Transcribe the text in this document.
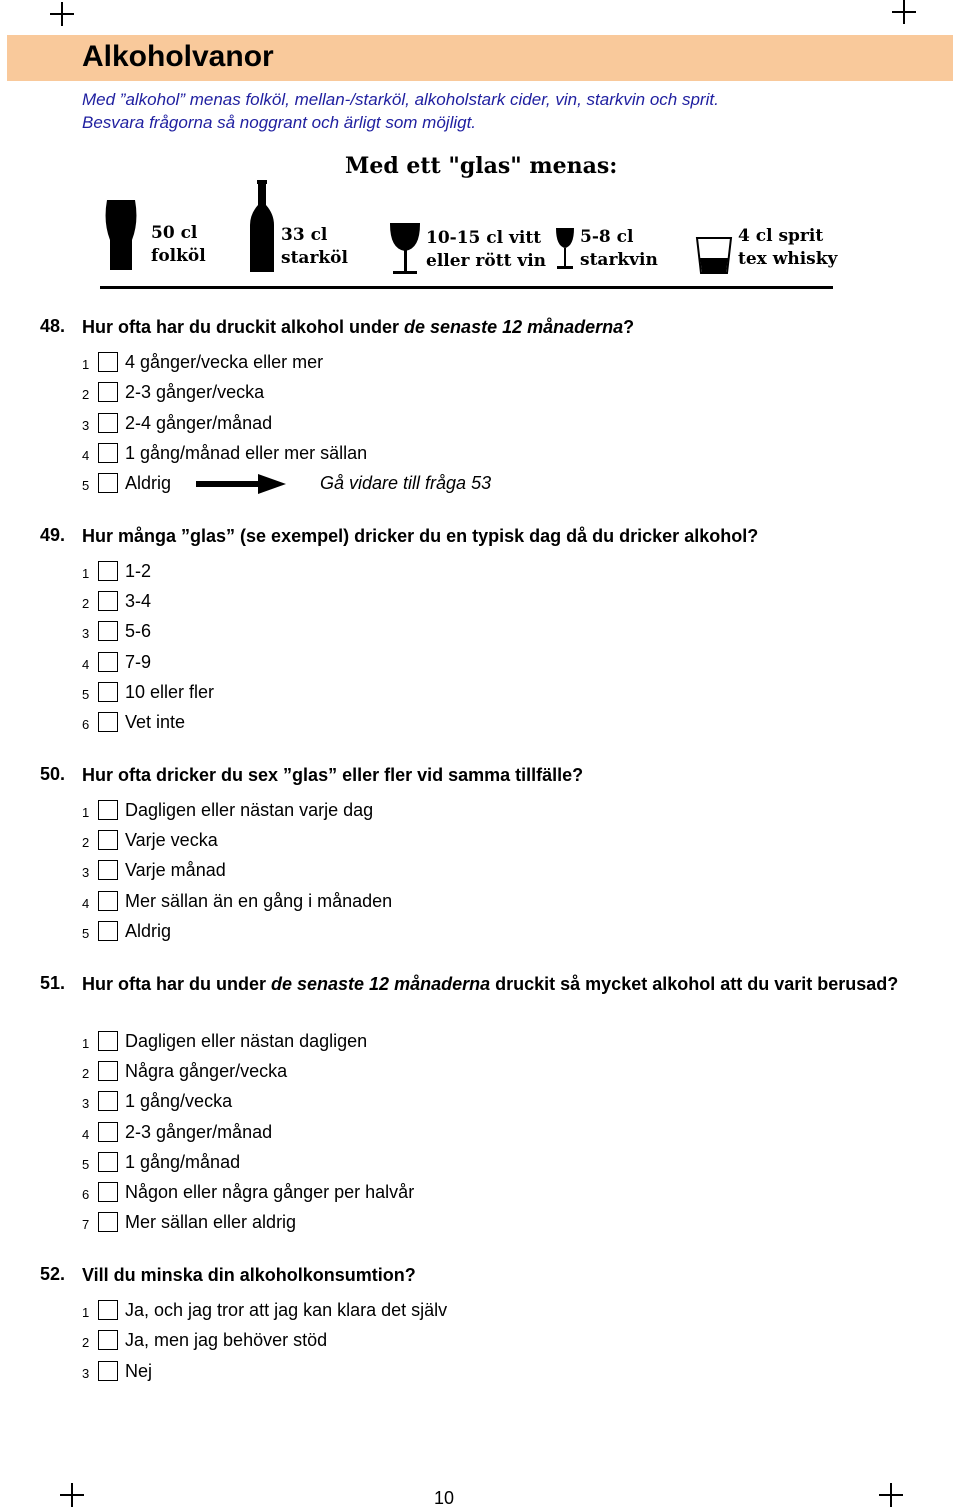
Alkoholvanor
Med ”alkohol” menas folköl, mellan-/starköl, alkoholstark cider, vin, starkvin och sprit.
Besvara frågorna så noggrant och ärligt som möjligt.
Med ett "glas" menas:
50 cl
folköl
33 cl
starköl
10-15 cl vitt
eller rött vin
5-8 cl
starkvin
4 cl sprit
tex whisky
48. Hur ofta har du druckit alkohol under de senaste 12 månaderna?
1 4 gånger/vecka eller mer
2 2-3 gånger/vecka
3 2-4 gånger/månad
4 1 gång/månad eller mer sällan
5 Aldrig	Gå vidare till fråga 53
49. Hur många ”glas” (se exempel) dricker du en typisk dag då du dricker alkohol?
1 1-2
2 3-4
3 5-6
4 7-9
5 10 eller fler
6 Vet inte
50. Hur ofta dricker du sex ”glas” eller fler vid samma tillfälle?
1 Dagligen eller nästan varje dag
2 Varje vecka
3 Varje månad
4 Mer sällan än en gång i månaden
5 Aldrig
51. Hur ofta har du under de senaste 12 månaderna druckit så mycket alkohol att du varit berusad?
1 Dagligen eller nästan dagligen
2 Några gånger/vecka
3 1 gång/vecka
4 2-3 gånger/månad
5 1 gång/månad
6 Någon eller några gånger per halvår
7 Mer sällan eller aldrig
52. Vill du minska din alkoholkonsumtion?
1 Ja, och jag tror att jag kan klara det själv
2 Ja, men jag behöver stöd
3 Nej
10
